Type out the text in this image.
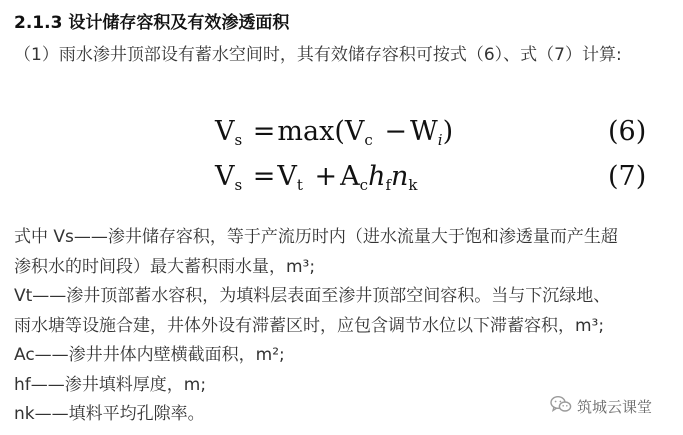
2.1.3 设计储存容积及有效渗透面积
（1）雨水渗井顶部设有蓄水空间时，其有效储存容积可按式（6）、式（7）计算:
$V_s =\max(V_c - W_i)$	(6)
$V_s =V_t + A_ch_fn_k$	(7)
式中 Vs——渗井储存容积，等于产流历时内（进水流量大于饱和渗透量而产生超
渗积水的时间段）最大蓄积雨水量，m³;
Vt——渗井顶部蓄水容积，为填料层表面至渗井顶部空间容积。当与下沉绿地、
雨水塘等设施合建，井体外设有滞蓄区时，应包含调节水位以下滞蓄容积，m³;
Ac——渗井井体内壁横截面积，m²;
hf——渗井填料厚度，m;
nk——填料平均孔隙率。	筑城云课堂
